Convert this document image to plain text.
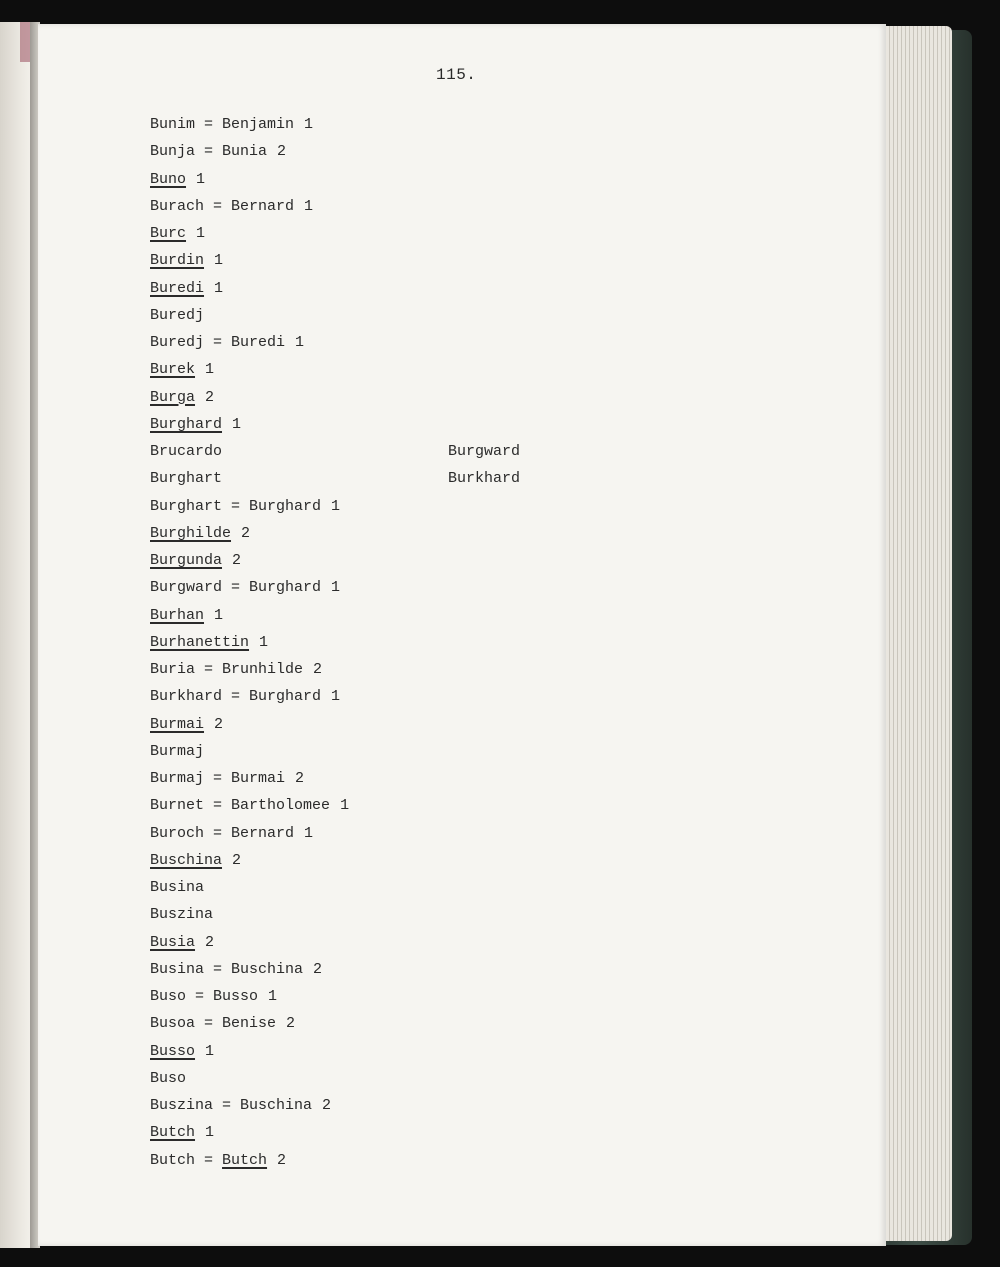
115.
Bunim = Benjamin 1
Bunja = Bunia 2
Buno 1
Burach = Bernard 1
Burc 1
Burdin 1
Buredi 1
Buredj
Buredj = Buredi 1
Burek 1
Burga 2
Burghard 1
Brucardo	Burgward
Burghart	Burkhard
Burghart = Burghard 1
Burghilde 2
Burgunda 2
Burgward = Burghard 1
Burhan 1
Burhanettin 1
Buria = Brunhilde 2
Burkhard = Burghard 1
Burmai 2
Burmaj
Burmaj = Burmai 2
Burnet = Bartholomee 1
Buroch = Bernard 1
Buschina 2
Busina
Buszina
Busia 2
Busina = Buschina 2
Buso = Busso 1
Busoa = Benise 2
Busso 1
Buso
Buszina = Buschina 2
Butch 1
Butch = Butch 2
